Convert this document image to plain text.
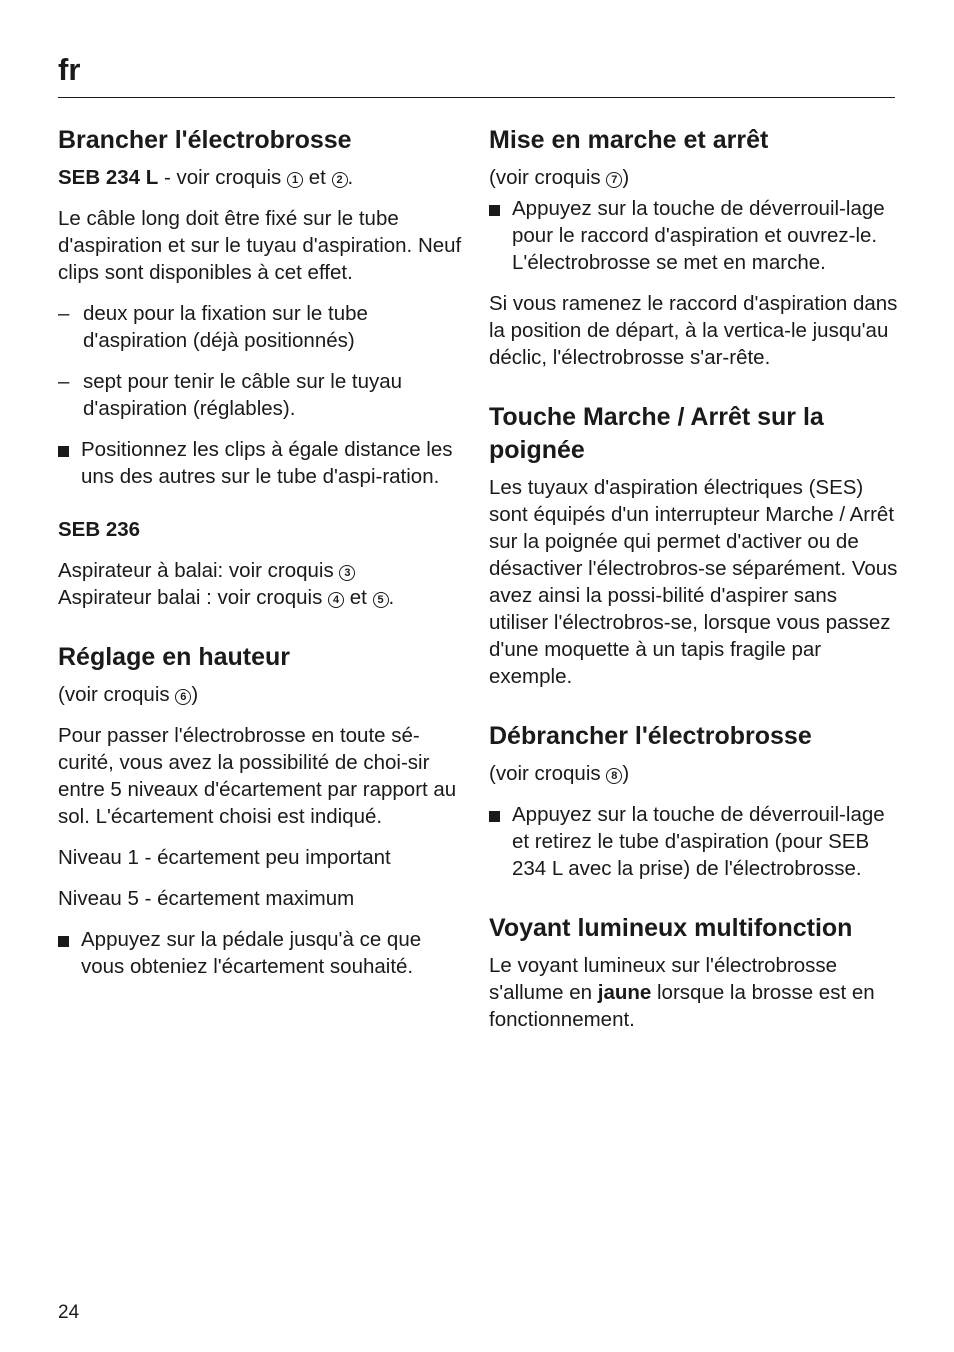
fr
Brancher l'électrobrosse

SEB 234 L - voir croquis 1 et 2 .

Le câble long doit être fixé sur le tube d'aspiration et sur le tuyau d'aspiration. Neuf clips sont disponibles à cet effet.

– deux pour la fixation sur le tube d'aspiration (déjà positionnés)
– sept pour tenir le câble sur le tuyau d'aspiration (réglables).
Positionnez les clips à égale distance les uns des autres sur le tube d'aspi-ration.
SEB 236

Aspirateur à balai: voir croquis 3
Aspirateur balai : voir croquis 4 et 5 .

Réglage en hauteur

(voir croquis 6 )

Pour passer l'électrobrosse en toute sé-curité, vous avez la possibilité de choi-sir entre 5 niveaux d'écartement par rapport au sol. L'écartement choisi est indiqué.

Niveau 1 - écartement peu important

Niveau 5 - écartement maximum

Appuyez sur la pédale jusqu'à ce que vous obteniez l'écartement souhaité.
Mise en marche et arrêt

(voir croquis 7 )

Appuyez sur la touche de déverrouil-lage pour le raccord d'aspiration et ouvrez-le. L'électrobrosse se met en marche.

Si vous ramenez le raccord d'aspiration dans la position de départ, à la vertica-le jusqu'au déclic, l'électrobrosse s'ar-rête.

Touche Marche / Arrêt sur la poignée

Les tuyaux d'aspiration électriques (SES) sont équipés d'un interrupteur Marche / Arrêt sur la poignée qui permet d'activer ou de désactiver l'électrobros-se séparément. Vous avez ainsi la possi-bilité d'aspirer sans utiliser l'électrobros-se, lorsque vous passez d'une moquette à un tapis fragile par exemple.

Débrancher l'électrobrosse

(voir croquis 8 )

Appuyez sur la touche de déverrouil-lage et retirez le tube d'aspiration (pour SEB 234 L avec la prise) de l'électrobrosse.
Voyant lumineux multifonction

Le voyant lumineux sur l'électrobrosse s'allume en jaune lorsque la brosse est en fonctionnement.

24
